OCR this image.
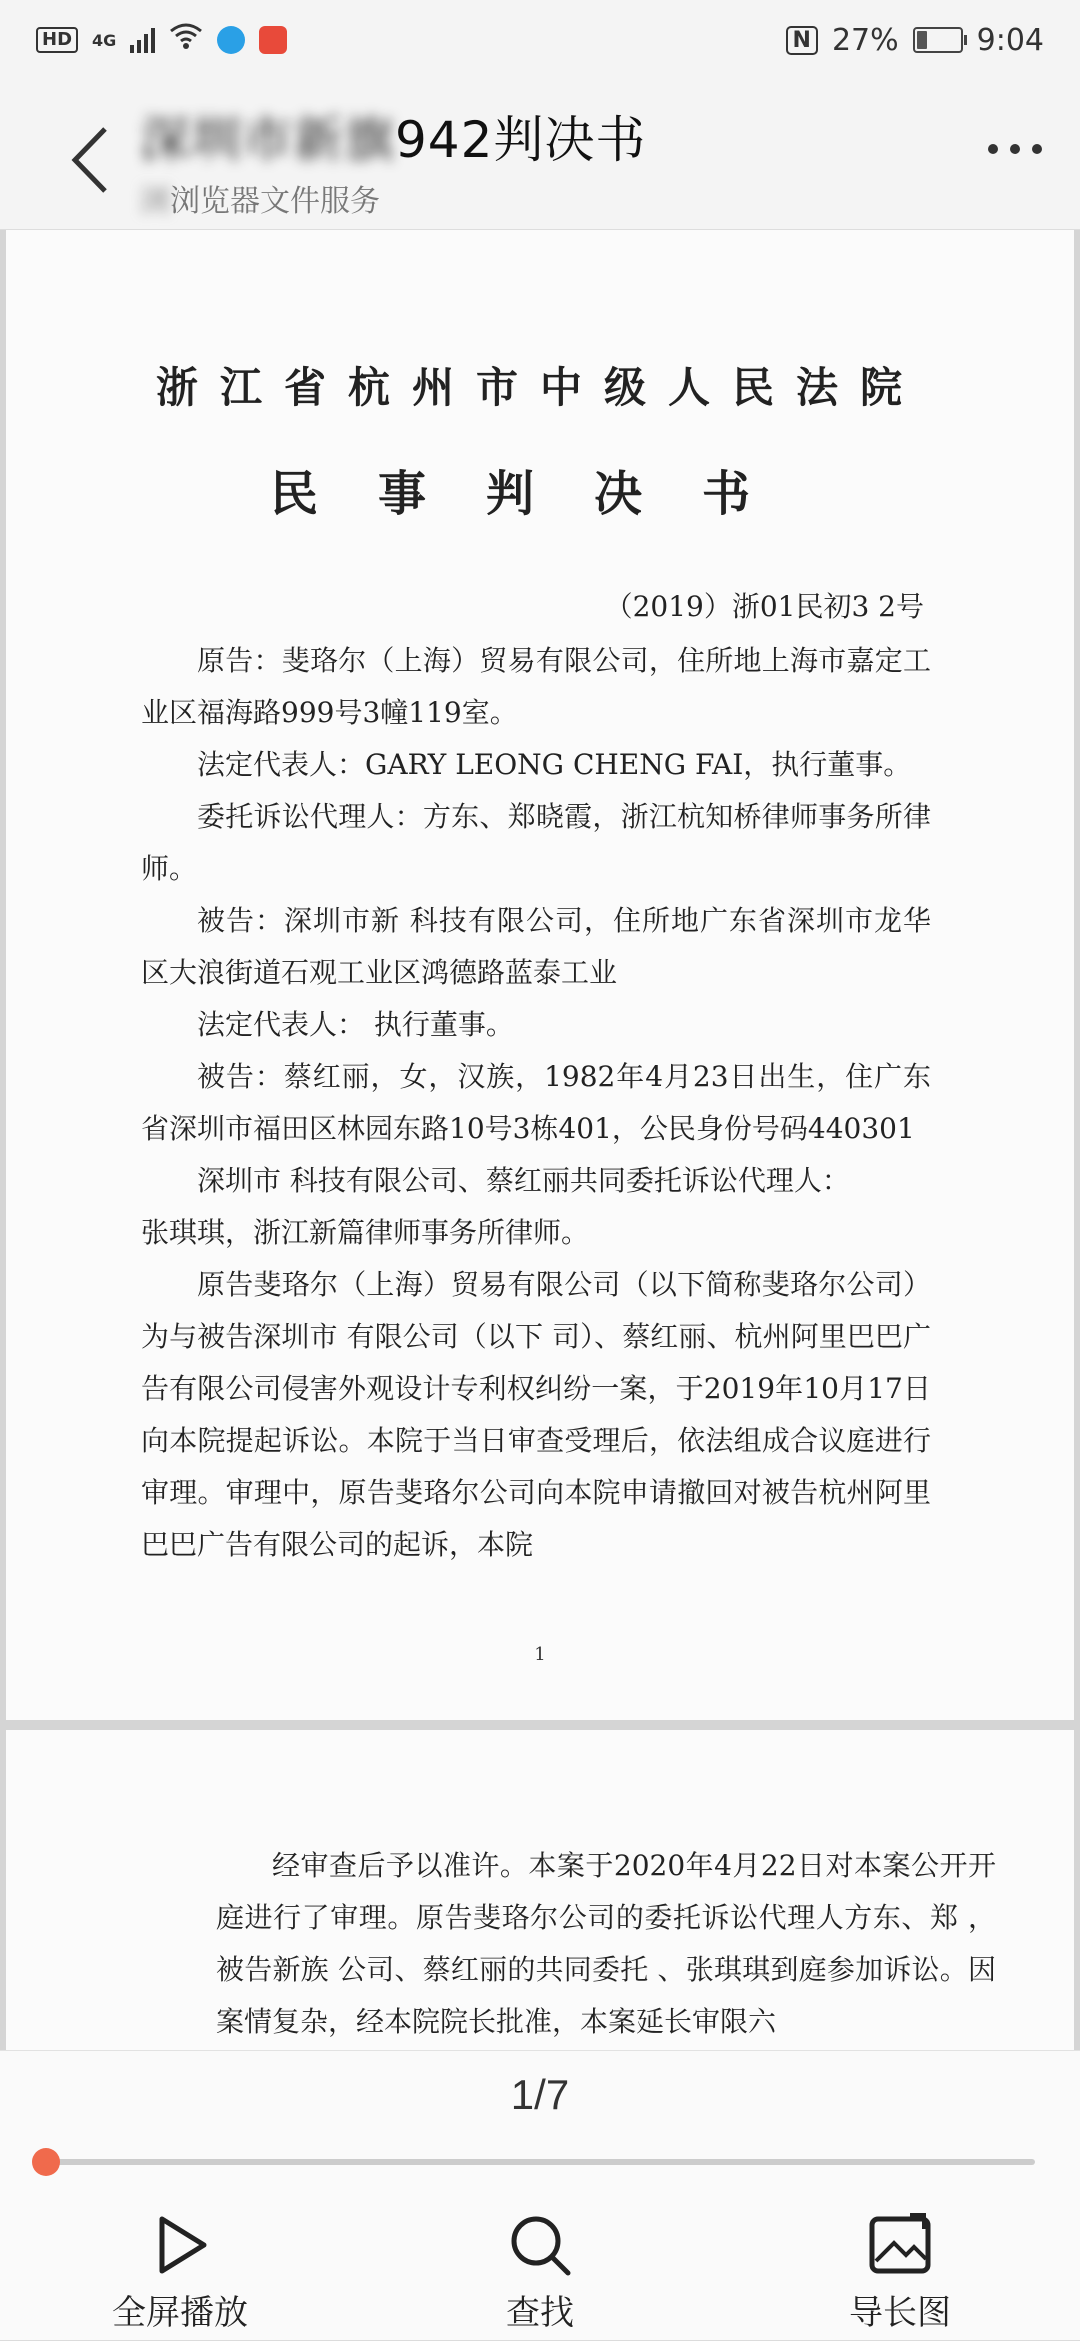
HD	4G	N 27%	9:04
深圳市新旗942判决书
浏浏览器文件服务
浙江省杭州市中级人民法院
民事判决书
（2019）浙01民初3 2号

原告：斐珞尔（上海）贸易有限公司，住所地上海市嘉定工业区福海路999号3幢119室。

法定代表人：GARY LEONG CHENG FAI，执行董事。

委托诉讼代理人：方东、郑晓霞，浙江杭知桥律师事务所律师。

被告：深圳市新 科技有限公司，住所地广东省深圳市龙华区大浪街道石观工业区鸿德路蓝泰工业

法定代表人： 执行董事。

被告：蔡红丽，女，汉族，1982年4月23日出生，住广东省深圳市福田区林园东路10号3栋401，公民身份号码440301

深圳市 科技有限公司、蔡红丽共同委托诉讼代理人：

张琪琪，浙江新篇律师事务所律师。

原告斐珞尔（上海）贸易有限公司（以下简称斐珞尔公司）为与被告深圳市 有限公司（以下 司）、蔡红丽、杭州阿里巴巴广告有限公司侵害外观设计专利权纠纷一案，于2019年10月17日向本院提起诉讼。本院于当日审查受理后，依法组成合议庭进行审理。审理中，原告斐珞尔公司向本院申请撤回对被告杭州阿里巴巴广告有限公司的起诉，本院

1

经审查后予以准许。本案于2020年4月22日对本案公开开庭进行了审理。原告斐珞尔公司的委托诉讼代理人方东、郑 ，被告新族 公司、蔡红丽的共同委托 、张琪琪到庭参加诉讼。因案情复杂，经本院院长批准，本案延长审限六

1/7
全屏播放	查找	导长图
